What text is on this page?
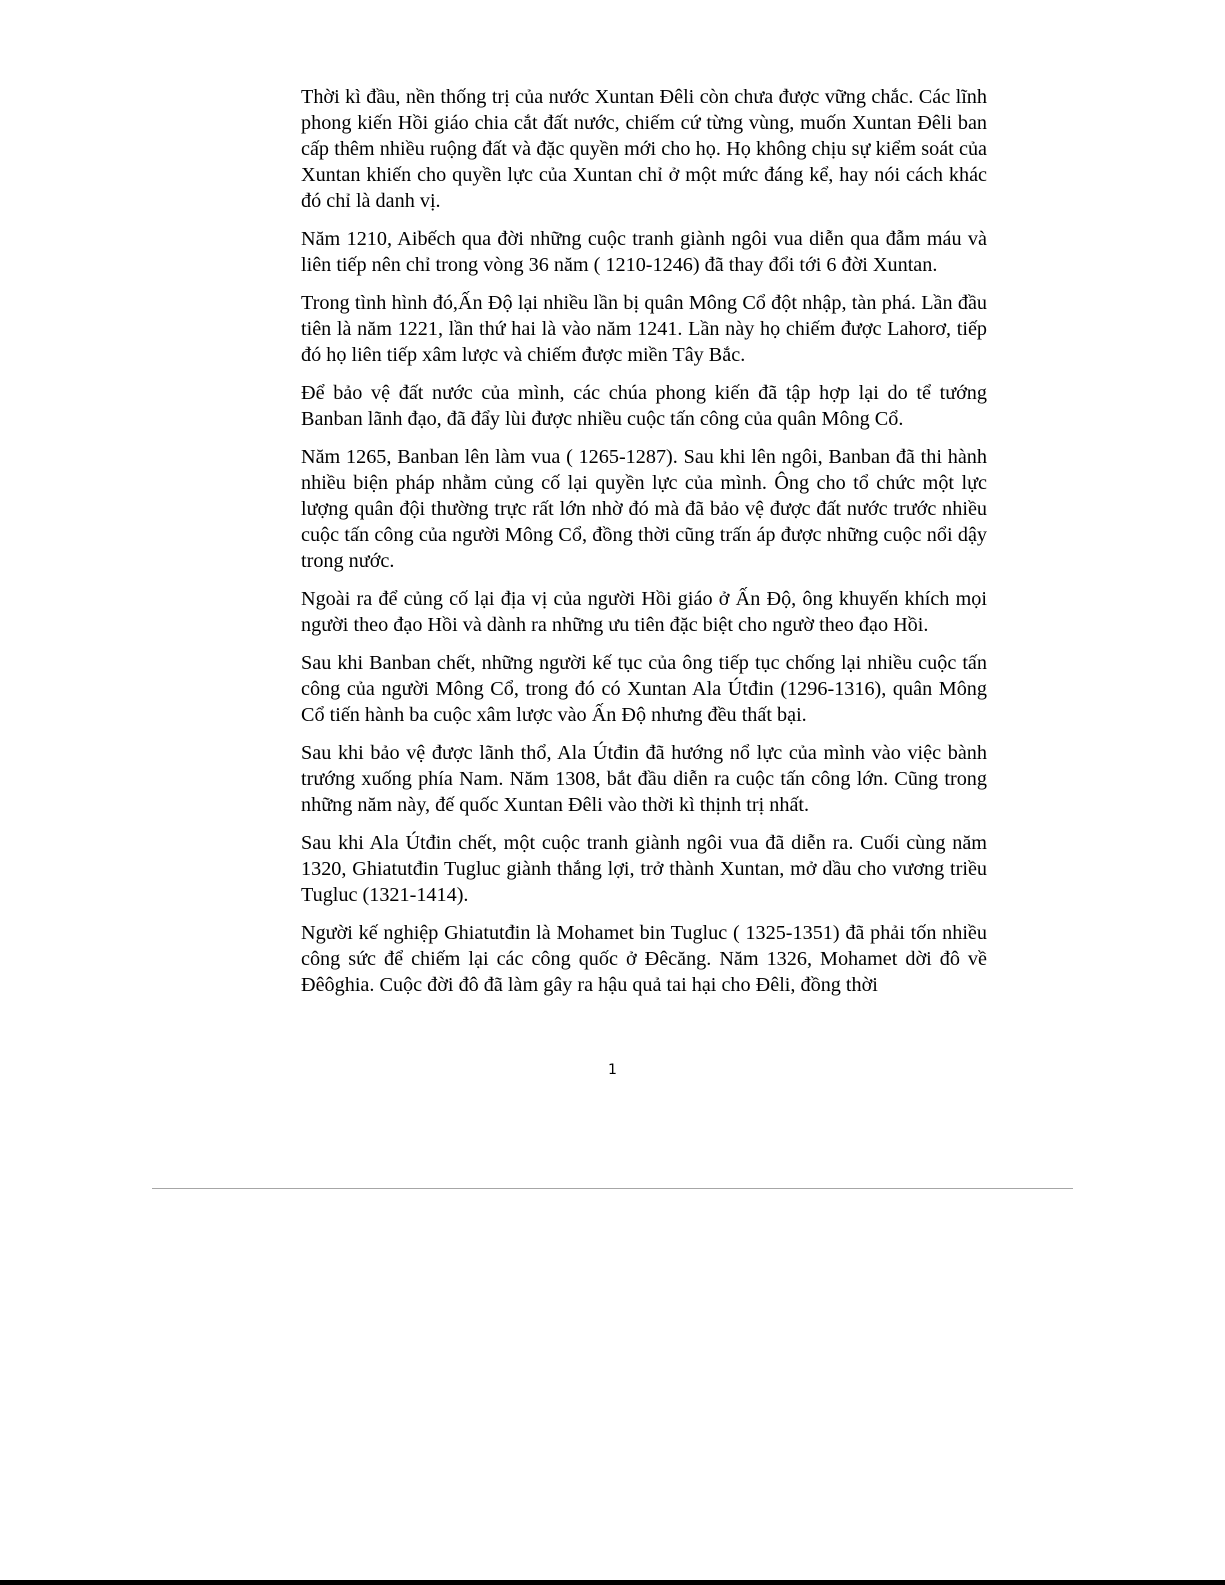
Thời kì đầu, nền thống trị của nước Xuntan Đêli còn chưa được vững chắc. Các lĩnh phong kiến Hồi giáo chia cắt đất nước, chiếm cứ từng vùng, muốn Xuntan Đêli ban cấp thêm nhiều ruộng đất và đặc quyền mới cho họ. Họ không chịu sự kiểm soát của Xuntan khiến cho quyền lực của Xuntan chỉ ở một mức đáng kể, hay nói cách khác đó chỉ là danh vị.

Năm 1210, Aibếch qua đời những cuộc tranh giành ngôi vua diễn qua đẫm máu và liên tiếp nên chỉ trong vòng 36 năm ( 1210-1246) đã thay đổi tới 6 đời Xuntan.

Trong tình hình đó,Ấn Độ lại nhiều lần bị quân Mông Cổ đột nhập, tàn phá. Lần đầu tiên là năm 1221, lần thứ hai là vào năm 1241. Lần này họ chiếm được Lahorơ, tiếp đó họ liên tiếp xâm lược và chiếm được miền Tây Bắc.

Để bảo vệ đất nước của mình, các chúa phong kiến đã tập hợp lại do tể tướng Banban lãnh đạo, đã đẩy lùi được nhiều cuộc tấn công của quân Mông Cổ.

Năm 1265, Banban lên làm vua ( 1265-1287). Sau khi lên ngôi, Banban đã thi hành nhiều biện pháp nhằm củng cố lại quyền lực của mình. Ông cho tổ chức một lực lượng quân đội thường trực rất lớn nhờ đó mà đã bảo vệ được đất nước trước nhiều cuộc tấn công của người Mông Cổ, đồng thời cũng trấn áp được những cuộc nổi dậy trong nước.

Ngoài ra để củng cố lại địa vị của người Hồi giáo ở Ấn Độ, ông khuyến khích mọi người theo đạo Hồi và dành ra những ưu tiên đặc biệt cho ngườ theo đạo Hồi.

Sau khi Banban chết, những người kế tục của ông tiếp tục chống lại nhiều cuộc tấn công của người Mông Cổ, trong đó có Xuntan Ala Útđin (1296-1316), quân Mông Cổ tiến hành ba cuộc xâm lược vào Ấn Độ nhưng đều thất bại.

Sau khi bảo vệ được lãnh thổ, Ala Útđin đã hướng nổ lực của mình vào việc bành trướng xuống phía Nam. Năm 1308, bắt đầu diễn ra cuộc tấn công lớn. Cũng trong những năm này, đế quốc Xuntan Đêli vào thời kì thịnh trị nhất.

Sau khi Ala Útđin chết, một cuộc tranh giành ngôi vua đã diễn ra. Cuối cùng năm 1320, Ghiatutđin Tugluc giành thắng lợi, trở thành Xuntan, mở dầu cho vương triều Tugluc (1321-1414).

Người kế nghiệp Ghiatutđin là Mohamet bin Tugluc ( 1325-1351) đã phải tốn nhiều công sức để chiếm lại các công quốc ở Đêcăng. Năm 1326, Mohamet dời đô về Đêôghia. Cuộc đời đô đã làm gây ra hậu quả tai hại cho Đêli, đồng thời

1
